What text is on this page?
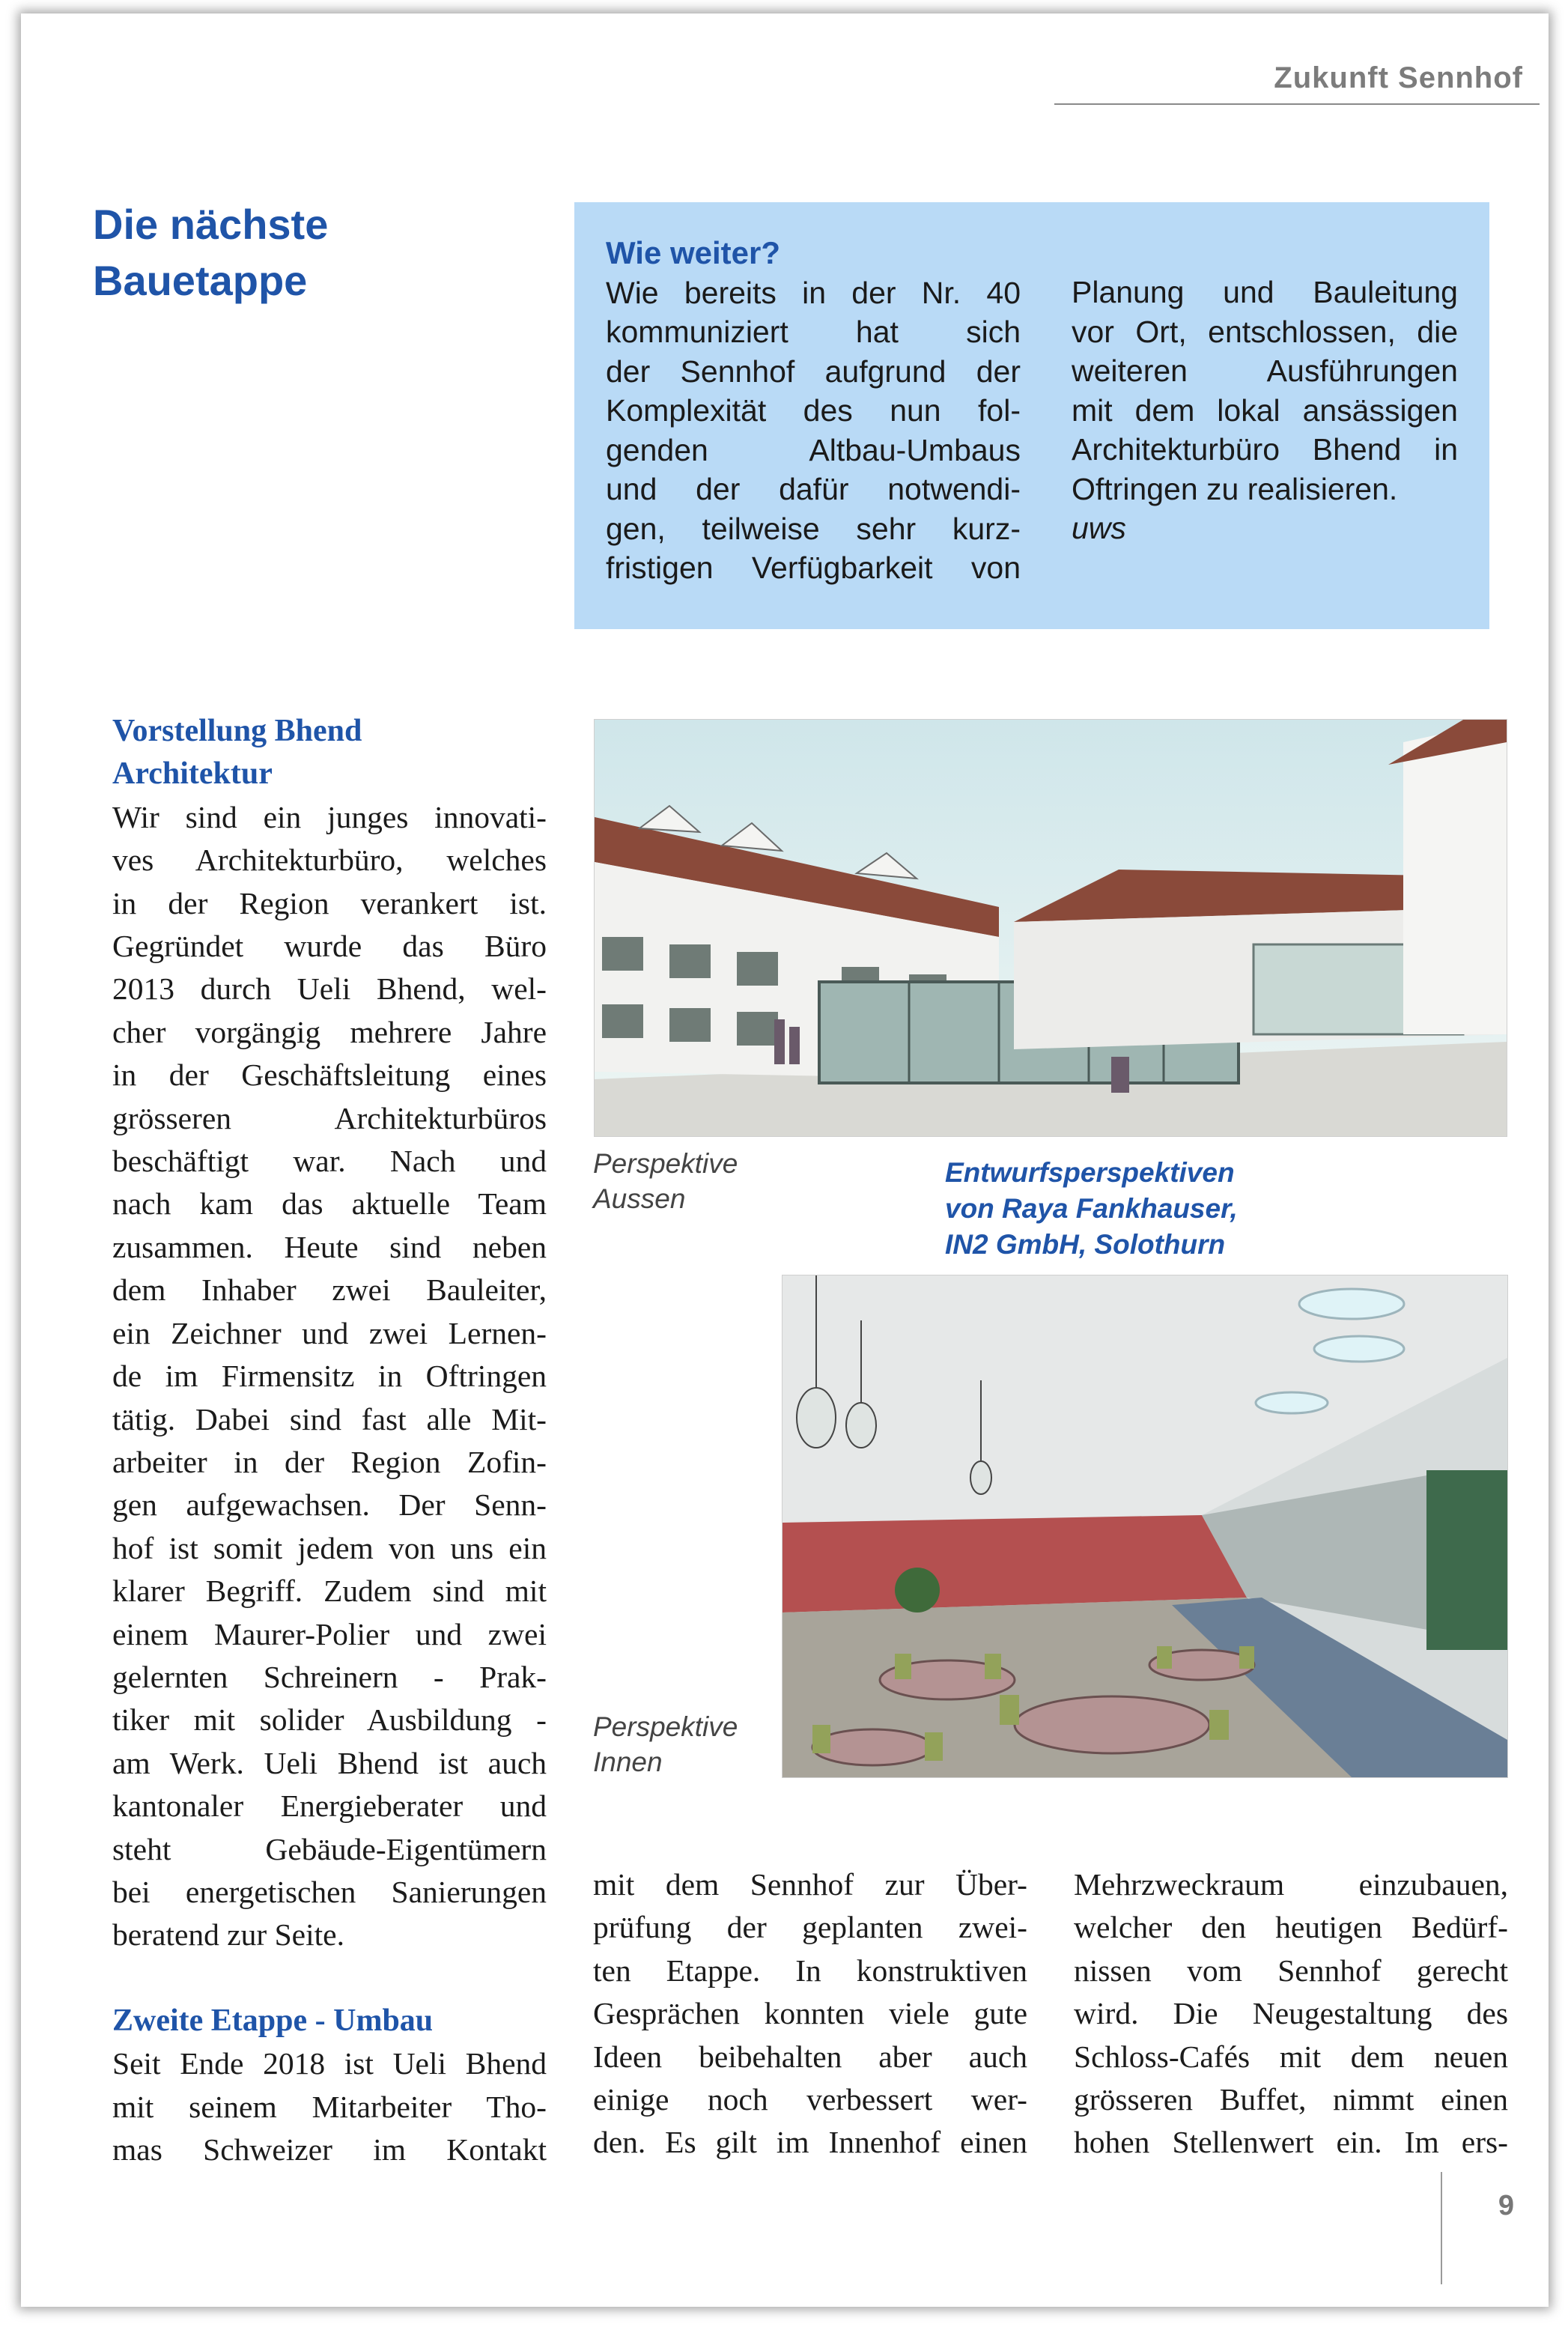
Zukunft Sennhof
Die nächste
Bauetappe
Wie weiter?
Wie bereits in der Nr. 40
kommuniziert hat sich
der Sennhof aufgrund der
Komplexität des nun fol-
genden Altbau-Umbaus
und der dafür notwendi-
gen, teilweise sehr kurz-
fristigen Verfügbarkeit von
Planung und Bauleitung
vor Ort, entschlossen, die
weiteren Ausführungen
mit dem lokal ansässigen
Architekturbüro Bhend in
Oftringen zu realisieren.
uws
Vorstellung Bhend
Architektur
Wir sind ein junges innovati-
ves Architekturbüro, welches
in der Region verankert ist.
Gegründet wurde das Büro
2013 durch Ueli Bhend, wel-
cher vorgängig mehrere Jahre
in der Geschäftsleitung eines
grösseren Architekturbüros
beschäftigt war. Nach und
nach kam das aktuelle Team
zusammen. Heute sind neben
dem Inhaber zwei Bauleiter,
ein Zeichner und zwei Lernen-
de im Firmensitz in Oftringen
tätig. Dabei sind fast alle Mit-
arbeiter in der Region Zofin-
gen aufgewachsen. Der Senn-
hof ist somit jedem von uns ein
klarer Begriff. Zudem sind mit
einem Maurer-Polier und zwei
gelernten Schreinern - Prak-
tiker mit solider Ausbildung -
am Werk. Ueli Bhend ist auch
kantonaler Energieberater und
steht Gebäude-Eigentümern
bei energetischen Sanierungen
beratend zur Seite.
Zweite Etappe - Umbau
Seit Ende 2018 ist Ueli Bhend
mit seinem Mitarbeiter Tho-
mas Schweizer im Kontakt
Perspektive
Aussen
Entwurfsperspektiven
von Raya Fankhauser,
IN2 GmbH, Solothurn
Perspektive
Innen
mit dem Sennhof zur Über-
prüfung der geplanten zwei-
ten Etappe. In konstruktiven
Gesprächen konnten viele gute
Ideen beibehalten aber auch
einige noch verbessert wer-
den. Es gilt im Innenhof einen
Mehrzweckraum einzubauen,
welcher den heutigen Bedürf-
nissen vom Sennhof gerecht
wird. Die Neugestaltung des
Schloss-Cafés mit dem neuen
grösseren Buffet, nimmt einen
hohen Stellenwert ein. Im ers-
9
